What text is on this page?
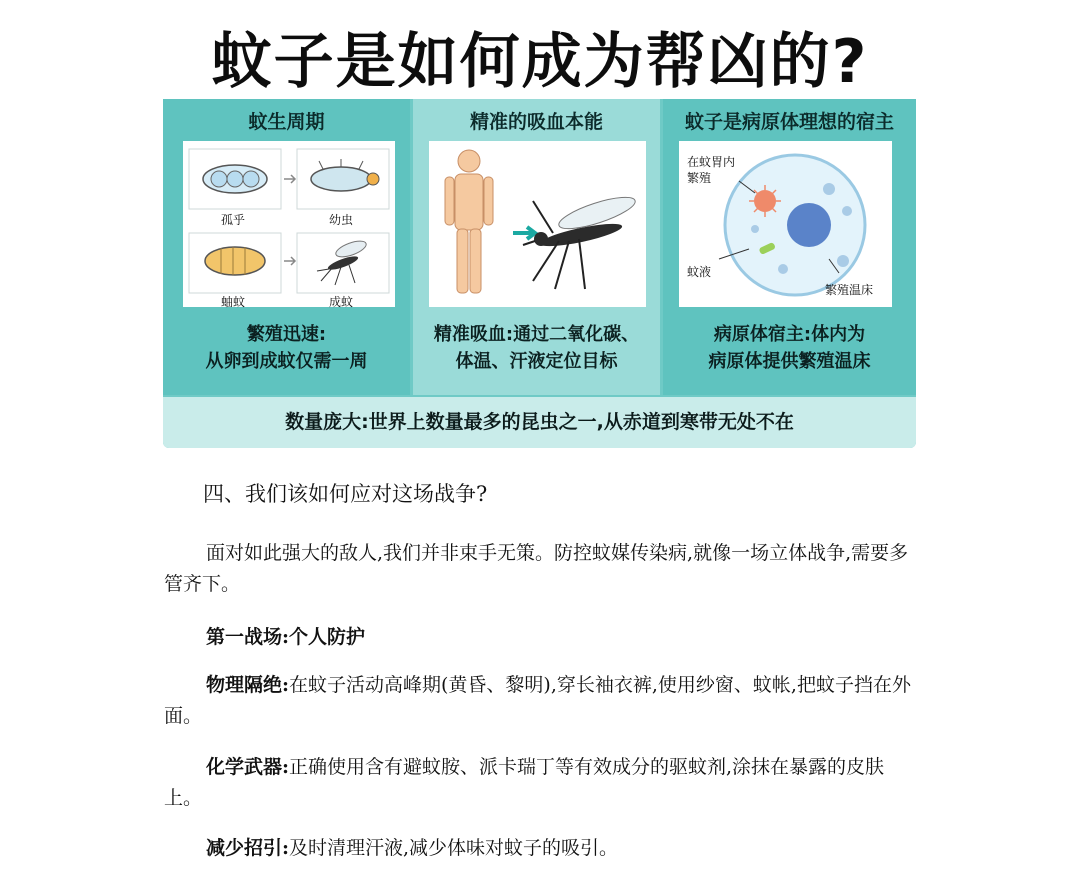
蚊子是如何成为帮凶的?
蚊生周期
孤乎	幼虫
蚰蚊	成蚊
繁殖迅速:
从卵到成蚊仅需一周
精准的吸血本能
精准吸血:通过二氧化碳、
体温、汗液定位目标
蚊子是病原体理想的宿主
在蚊胃内
繁殖
蚊液
繁殖温床
病原体宿主:体内为
病原体提供繁殖温床
数量庞大:世界上数量最多的昆虫之一,从赤道到寒带无处不在
四、我们该如何应对这场战争?
面对如此强大的敌人,我们并非束手无策。防控蚊媒传染病,就像一场立体战争,需要多管齐下。
第一战场:个人防护
物理隔绝:在蚊子活动高峰期(黄昏、黎明),穿长袖衣裤,使用纱窗、蚊帐,把蚊子挡在外面。
化学武器:正确使用含有避蚊胺、派卡瑞丁等有效成分的驱蚊剂,涂抹在暴露的皮肤上。
减少招引:及时清理汗液,减少体味对蚊子的吸引。
